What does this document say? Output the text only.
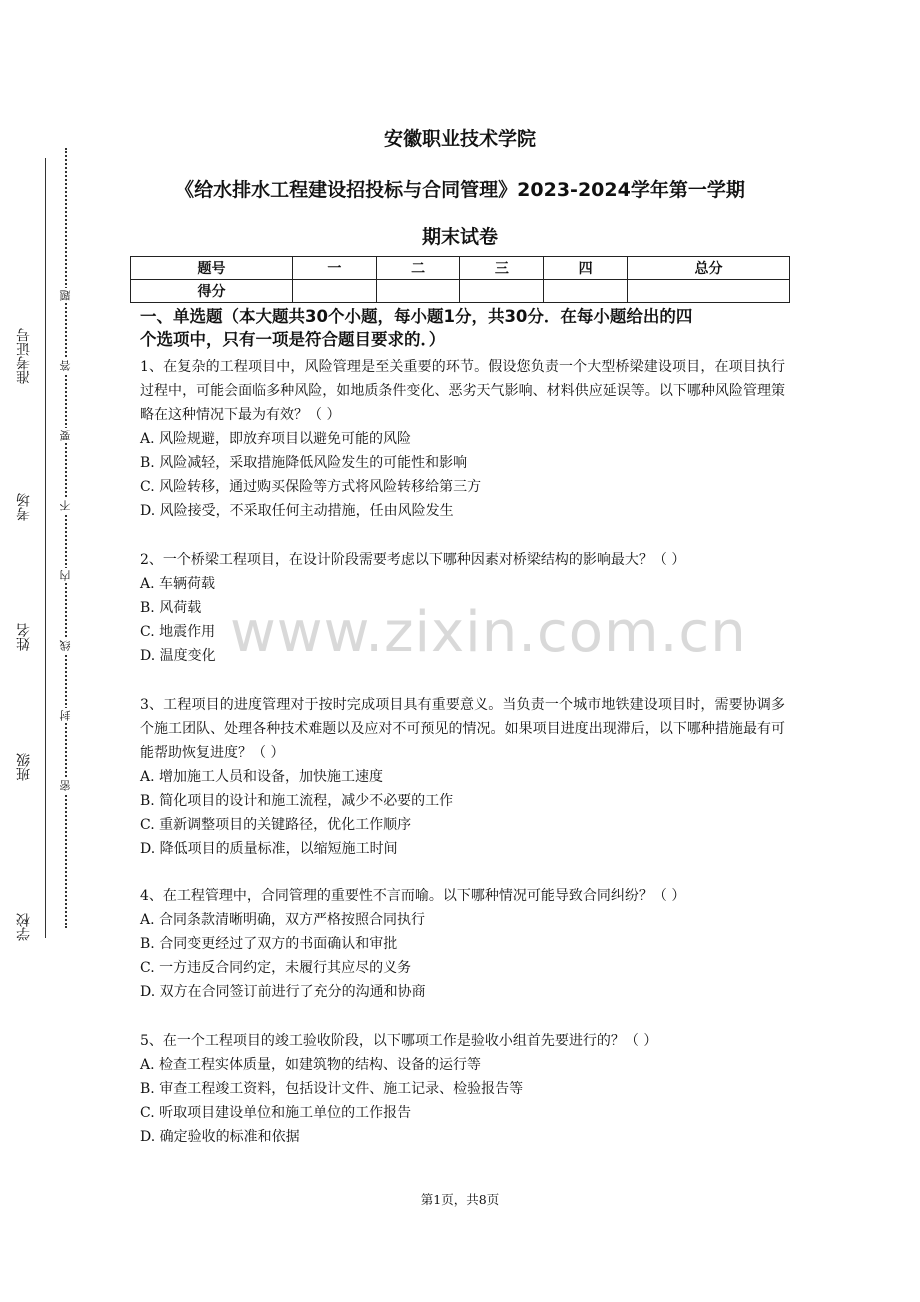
准考证号
考场
姓名
班级
学校
题
答
要
不
内
线
封
密
安徽职业技术学院
《给水排水工程建设招投标与合同管理》2023-2024学年第一学期
期末试卷
题号	一	二	三	四	总分
得分					
一、单选题（本大题共30个小题，每小题1分，共30分．在每小题给出的四
个选项中，只有一项是符合题目要求的．）
www.zixin.com.cn
1、在复杂的工程项目中，风险管理是至关重要的环节。假设您负责一个大型桥梁建设项目，在项目执行过程中，可能会面临多种风险，如地质条件变化、恶劣天气影响、材料供应延误等。以下哪种风险管理策略在这种情况下最为有效？（ ）
A. 风险规避，即放弃项目以避免可能的风险
B. 风险减轻，采取措施降低风险发生的可能性和影响
C. 风险转移，通过购买保险等方式将风险转移给第三方
D. 风险接受，不采取任何主动措施，任由风险发生
2、一个桥梁工程项目，在设计阶段需要考虑以下哪种因素对桥梁结构的影响最大？（ ）
A. 车辆荷载
B. 风荷载
C. 地震作用
D. 温度变化
3、工程项目的进度管理对于按时完成项目具有重要意义。当负责一个城市地铁建设项目时，需要协调多个施工团队、处理各种技术难题以及应对不可预见的情况。如果项目进度出现滞后，以下哪种措施最有可能帮助恢复进度？（ ）
A. 增加施工人员和设备，加快施工速度
B. 简化项目的设计和施工流程，减少不必要的工作
C. 重新调整项目的关键路径，优化工作顺序
D. 降低项目的质量标准，以缩短施工时间
4、在工程管理中，合同管理的重要性不言而喻。以下哪种情况可能导致合同纠纷？（ ）
A. 合同条款清晰明确，双方严格按照合同执行
B. 合同变更经过了双方的书面确认和审批
C. 一方违反合同约定，未履行其应尽的义务
D. 双方在合同签订前进行了充分的沟通和协商
5、在一个工程项目的竣工验收阶段，以下哪项工作是验收小组首先要进行的？（ ）
A. 检查工程实体质量，如建筑物的结构、设备的运行等
B. 审查工程竣工资料，包括设计文件、施工记录、检验报告等
C. 听取项目建设单位和施工单位的工作报告
D. 确定验收的标准和依据
第1页，共8页
